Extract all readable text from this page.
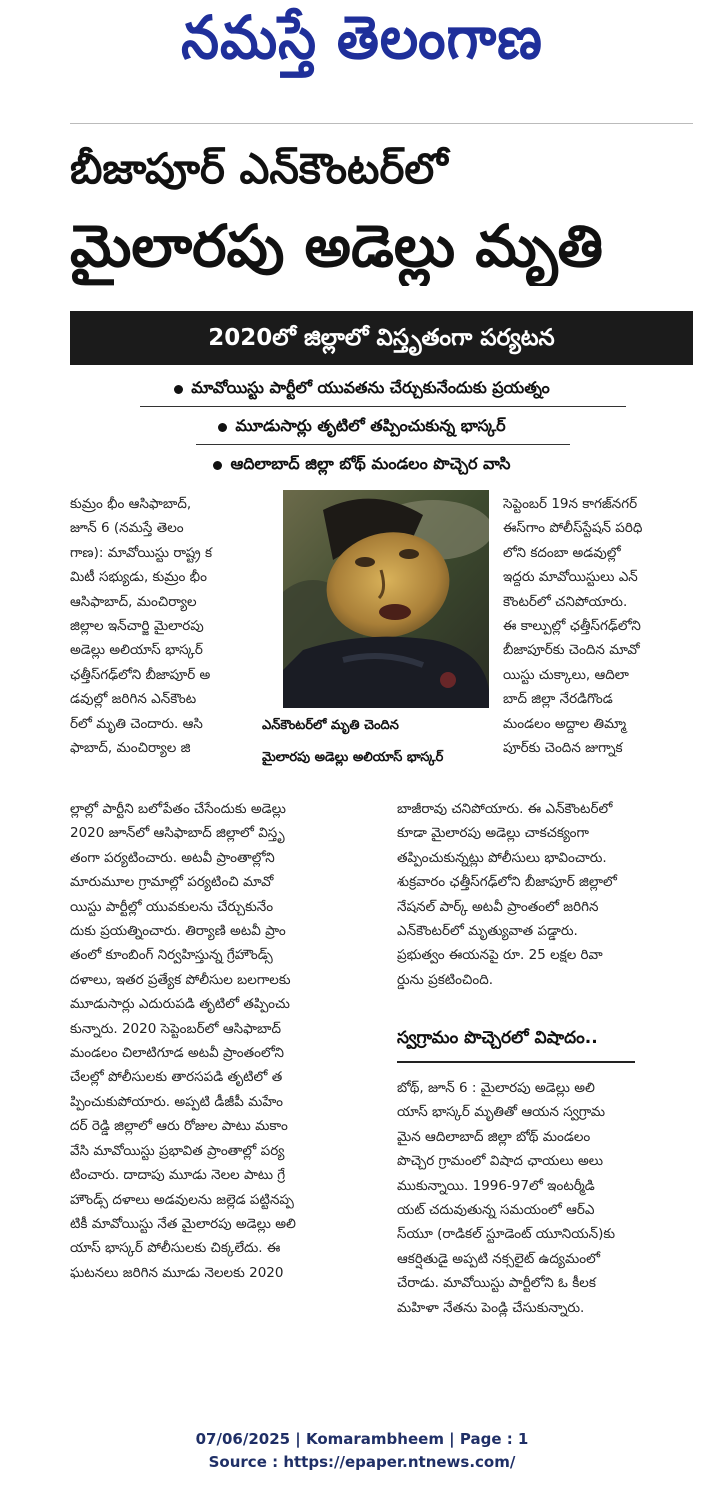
నమస్తే తెలంగాణ
బీజాపూర్ ఎన్‌కౌంటర్‌లో
మైలారపు అడెల్లు మృతి
2020లో జిల్లాలో విస్తృతంగా పర్యటన
మావోయిస్టు పార్టీలో యువతను చేర్చుకునేందుకు ప్రయత్నం
మూడుసార్లు తృటిలో తప్పించుకున్న భాస్కర్
ఆదిలాబాద్ జిల్లా బోథ్ మండలం పొచ్చెర వాసి
ఎన్‌కౌంటర్‌లో మృతి చెందిన
మైలారపు అడెల్లు అలియాస్ భాస్కర్
కుమ్రం భీం ఆసిఫాబాద్,
జూన్ 6 (నమస్తే తెలం
గాణ): మావోయిస్టు రాష్ట్ర క
మిటీ సభ్యుడు, కుమ్రం భీం
ఆసిఫాబాద్, మంచిర్యాల
జిల్లాల ఇన్‌చార్జి మైలారపు
అడెల్లు అలియాస్ భాస్కర్
ఛత్తీస్‌గఢ్‌లోని బీజాపూర్ అ
డవుల్లో జరిగిన ఎన్‌కౌంట
ర్‌లో మృతి చెందారు. ఆసి
ఫాబాద్, మంచిర్యాల జి
ల్లాల్లో పార్టీని బలోపేతం చేసేందుకు అడెల్లు
2020 జూన్‌లో ఆసిఫాబాద్ జిల్లాలో విస్తృ
తంగా పర్యటించారు. అటవీ ప్రాంతాల్లోని
మారుమూల గ్రామాల్లో పర్యటించి మావో
యిస్టు పార్టీల్లో యువకులను చేర్చుకునేం
దుకు ప్రయత్నించారు. తిర్యాణి అటవీ ప్రాం
తంలో కూంబింగ్ నిర్వహిస్తున్న గ్రేహౌండ్స్
దళాలు, ఇతర ప్రత్యేక పోలీసుల బలగాలకు
మూడుసార్లు ఎదురుపడి తృటిలో తప్పించు
కున్నారు. 2020 సెప్టెంబర్‌లో ఆసిఫాబాద్
మండలం చిలాటిగూడ అటవీ ప్రాంతంలోని
చేలల్లో పోలీసులకు తారసపడి తృటిలో త
ప్పించుకుపోయారు. అప్పటి డీజీపీ మహేం
దర్ రెడ్డి జిల్లాలో ఆరు రోజుల పాటు మకాం
వేసి మావోయిస్టు ప్రభావిత ప్రాంతాల్లో పర్య
టించారు. దాదాపు మూడు నెలల పాటు గ్రే
హౌండ్స్ దళాలు అడవులను జల్లెడ పట్టినప్ప
టికీ మావోయిస్టు నేత మైలారపు అడెల్లు అలి
యాస్ భాస్కర్ పోలీసులకు చిక్కలేదు. ఈ
ఘటనలు జరిగిన మూడు నెలలకు 2020
సెప్టెంబర్ 19న కాగజ్‌నగర్
ఈస్‌గాం పోలీస్‌స్టేషన్ పరిధి
లోని కదంబా అడవుల్లో
ఇద్దరు మావోయిస్టులు ఎన్
కౌంటర్‌లో చనిపోయారు.
ఈ కాల్పుల్లో ఛత్తీస్‌గఢ్‌లోని
బీజాపూర్‌కు చెందిన మావో
యిస్టు చుక్కాలు, ఆదిలా
బాద్ జిల్లా నేరడిగొండ
మండలం అద్దాల తిమ్మా
పూర్‌కు చెందిన జుగ్నాక
బాజీరావు చనిపోయారు. ఈ ఎన్‌కౌంటర్‌లో
కూడా మైలారపు అడెల్లు చాకచక్యంగా
తప్పించుకున్నట్లు పోలీసులు భావించారు.
శుక్రవారం ఛత్తీస్‌గఢ్‌లోని బీజాపూర్ జిల్లాలో
నేషనల్ పార్క్ అటవీ ప్రాంతంలో జరిగిన
ఎన్‌కౌంటర్‌లో మృత్యువాత పడ్డారు.
ప్రభుత్వం ఈయనపై రూ. 25 లక్షల రివా
ర్డును ప్రకటించింది.
స్వగ్రామం పొచ్చెరలో విషాదం..
బోథ్, జూన్ 6 : మైలారపు అడెల్లు అలి
యాస్ భాస్కర్ మృతితో ఆయన స్వగ్రామ
మైన ఆదిలాబాద్ జిల్లా బోథ్ మండలం
పొచ్చెర గ్రామంలో విషాద ఛాయలు అలు
ముకున్నాయి. 1996-97లో ఇంటర్మీడి
యట్ చదువుతున్న సమయంలో ఆర్ఎ
స్‌యూ (రాడికల్ స్టూడెంట్ యూనియన్)కు
ఆకర్షితుడై అప్పటి నక్సలైట్ ఉద్యమంలో
చేరాడు. మావోయిస్టు పార్టీలోని ఓ కీలక
మహిళా నేతను పెండ్లి చేసుకున్నారు.
07/06/2025 | Komarambheem | Page : 1
Source : https://epaper.ntnews.com/
